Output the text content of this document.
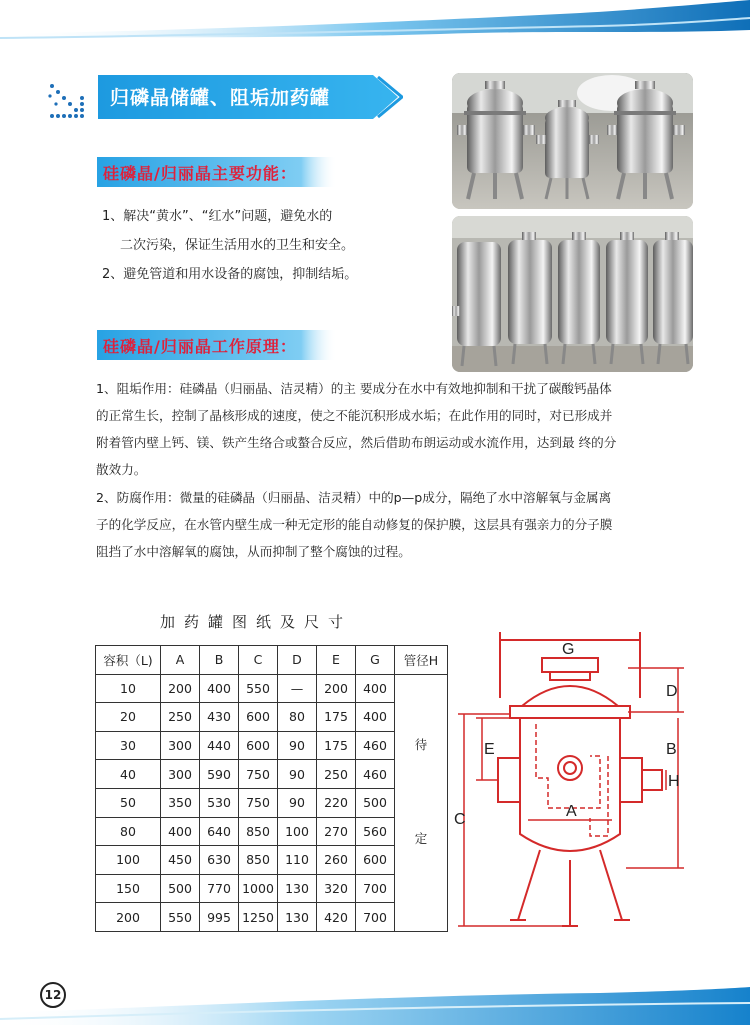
归磷晶储罐、阻垢加药罐
硅磷晶/归丽晶主要功能：
1、解决“黄水”、“红水”问题，避免水的
二次污染，保证生活用水的卫生和安全。
2、避免管道和用水设备的腐蚀，抑制结垢。
硅磷晶/归丽晶工作原理：
1、阻垢作用：硅磷晶（归丽晶、洁灵精）的主 要成分在水中有效地抑制和干扰了碳酸钙晶体
的正常生长，控制了晶核形成的速度，使之不能沉积形成水垢；在此作用的同时，对已形成并
附着管内壁上钙、镁、铁产生络合或螯合反应，然后借助布朗运动或水流作用，达到最 终的分
散效力。
2、防腐作用：微量的硅磷晶（归丽晶、洁灵精）中的p—p成分，隔绝了水中溶解氧与金属离
子的化学反应，在水管内壁生成一种无定形的能自动修复的保护膜，这层具有强亲力的分子膜
阻挡了水中溶解氧的腐蚀，从而抑制了整个腐蚀的过程。
加药罐图纸及尺寸
容积（L)	A	B	C	D	E	G	管径H
10	200	400	550	—	200	400	待
定

20	250	430	600	80	175	400	
30	300	440	600	90	175	460	
40	300	590	750	90	250	460	
50	350	530	750	90	220	500	
80	400	640	850	100	270	560	
100	450	630	850	110	260	600	
150	500	770	1000	130	320	700	
200	550	995	1250	130	420	700	
G
D
E	B
H
C	A
12
